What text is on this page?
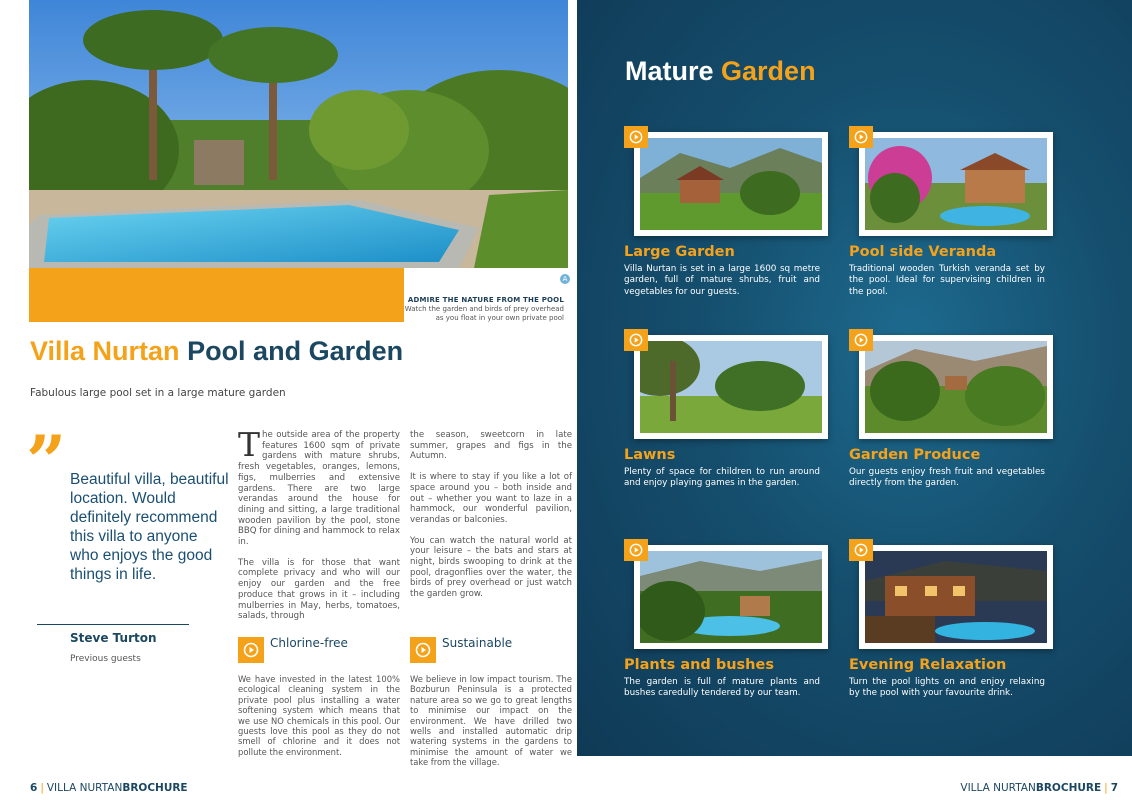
A
ADMIRE THE NATURE FROM THE POOL
Watch the garden and birds of prey overhead
as you float in your own private pool
Villa Nurtan Pool and Garden
Fabulous large pool set in a large mature garden
” Beautiful villa, beautiful location. Would definitely recommend this villa to anyone who enjoys the good things in life.
Steve Turton
Previous guests

The outside area of the property features 1600 sqm of private gardens with mature shrubs, fresh vegetables, oranges, lemons, figs, mulberries and extensive gardens. There are two large verandas around the house for dining and sitting, a large traditional wooden pavilion by the pool, stone BBQ for dining and hammock to relax in.

The villa is for those that want complete privacy and who will our enjoy our garden and the free produce that grows in it – including mulberries in May, herbs, tomatoes, salads, through

the season, sweetcorn in late summer, grapes and figs in the Autumn.

It is where to stay if you like a lot of space around you – both inside and out – whether you want to laze in a hammock, our wonderful pavilion, verandas or balconies.

You can watch the natural world at your leisure – the bats and stars at night, birds swooping to drink at the pool, dragonflies over the water, the birds of prey overhead or just watch the garden grow.

Chlorine-free	Sustainable
We have invested in the latest 100% ecological cleaning system in the private pool plus installing a water softening system which means that we use NO chemicals in this pool. Our guests love this pool as they do not smell of chlorine and it does not pollute the environment.
We believe in low impact tourism. The Bozburun Peninsula is a protected nature area so we go to great lengths to minimise our impact on the environment. We have drilled two wells and installed automatic drip watering systems in the gardens to minimise the amount of water we take from the village.
6 | VILLA NURTANBROCHURE
Mature Garden
Large Garden
Villa Nurtan is set in a large 1600 sq metre garden, full of mature shrubs, fruit and vegetables for our guests.
Pool side Veranda
Traditional wooden Turkish veranda set by the pool. Ideal for supervising children in the pool.
Lawns
Plenty of space for children to run around and enjoy playing games in the garden.
Garden Produce
Our guests enjoy fresh fruit and vegetables directly from the garden.
Plants and bushes
The garden is full of mature plants and bushes caredully tendered by our team.
Evening Relaxation
Turn the pool lights on and enjoy relaxing by the pool with your favourite drink.
VILLA NURTANBROCHURE | 7
